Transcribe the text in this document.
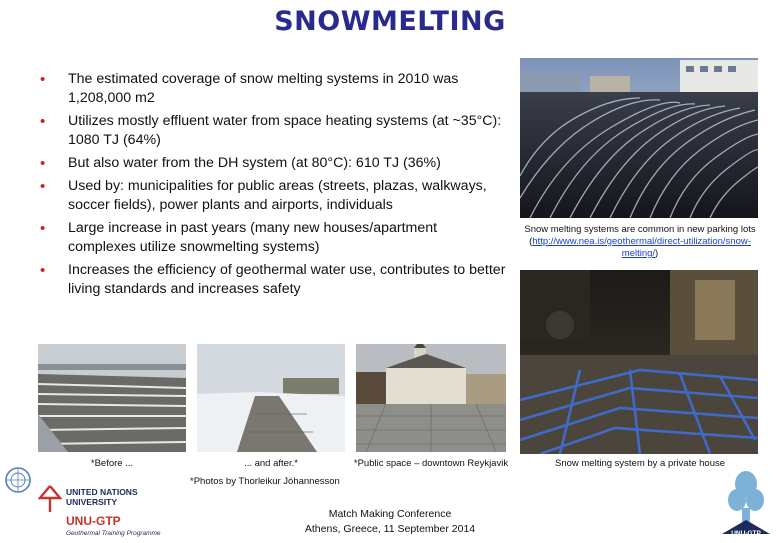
SNOWMELTING
• The estimated coverage of snow melting systems in 2010 was 1,208,000 m2
• Utilizes mostly effluent water from space heating systems (at ~35°C): 1080 TJ (64%)
• But also water from the DH system (at 80°C): 610 TJ (36%)
• Used by: municipalities for public areas (streets, plazas, walkways, soccer fields), power plants and airports, individuals
• Large increase in past years (many new houses/apartment complexes utilize snowmelting systems)
• Increases the efficiency of geothermal water use, contributes to better living standards and increases safety
Snow melting systems are common in new parking lots (http://www.nea.is/geothermal/direct-utilization/snow-melting/)
Snow melting system by a private house
*Before ...	... and after.*	*Public space – downtown Reykjavik
*Photos by Thorleikur Jóhannesson
Match Making Conference
Athens, Greece, 11 September 2014
UNITED NATIONS
UNIVERSITY
UNU-GTP
Geothermal Training Programme	UNU-GTP
